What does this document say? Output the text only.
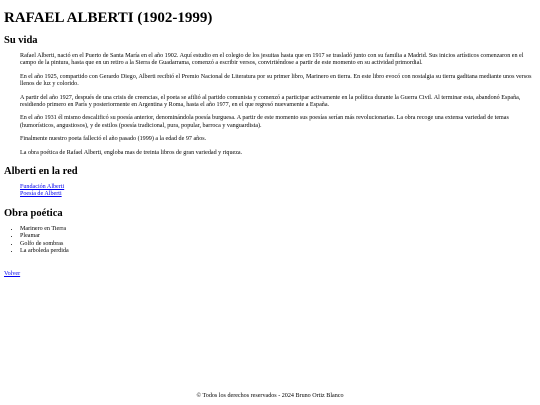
RAFAEL ALBERTI (1902-1999)
Su vida

Rafael Alberti, nació en el Puerto de Santa María en el año 1902. Aquí estudio en el colegio de los jesuitas hasta que en 1917 se trasladó junto con su familia a Madrid. Sus inicios artísticos comenzaron en el campo de la pintura, hasta que en un retiro a la Sierra de Guadarrama, comenzó a escribir versos, convirtiéndose a partir de este momento en su actividad primordial.

En el año 1925, compartido con Gerardo Diego, Alberti recibió el Premio Nacional de Literatura por su primer libro, Marinero en tierra. En este libro evocó con nostalgia su tierra gaditana mediante unos versos llenos de luz y colorido.

A partir del año 1927, después de una crisis de creencias, el poeta se afilió al partido comunista y comenzó a participar activamente en la política durante la Guerra Civil. Al terminar esta, abandonó España, residiendo primero en París y posteriormente en Argentina y Roma, hasta el año 1977, en el que regresó nuevamente a España.

En el año 1931 él mismo descalificó su poesía anterior, denominándola poesía burguesa. A partir de este momento sus poesías serían más revolucionarias. La obra recoge una extensa variedad de temas (humorísticos, angustiosos), y de estilos (poesía tradicional, pura, popular, barroca y vanguardista).

Finalmente nuestro poeta falleció el año pasado (1999) a la edad de 97 años.

La obra poética de Rafael Alberti, engloba mas de treinta libros de gran variedad y riqueza.

Alberti en la red
Fundación Alberti
Poesía de Alberti
Obra poética
• Marinero en Tierra
• Pleamar
• Golfo de sombras
• La arboleda perdida
Volver
© Todos los derechos reservados - 2024 Bruno Ortiz Blanco
